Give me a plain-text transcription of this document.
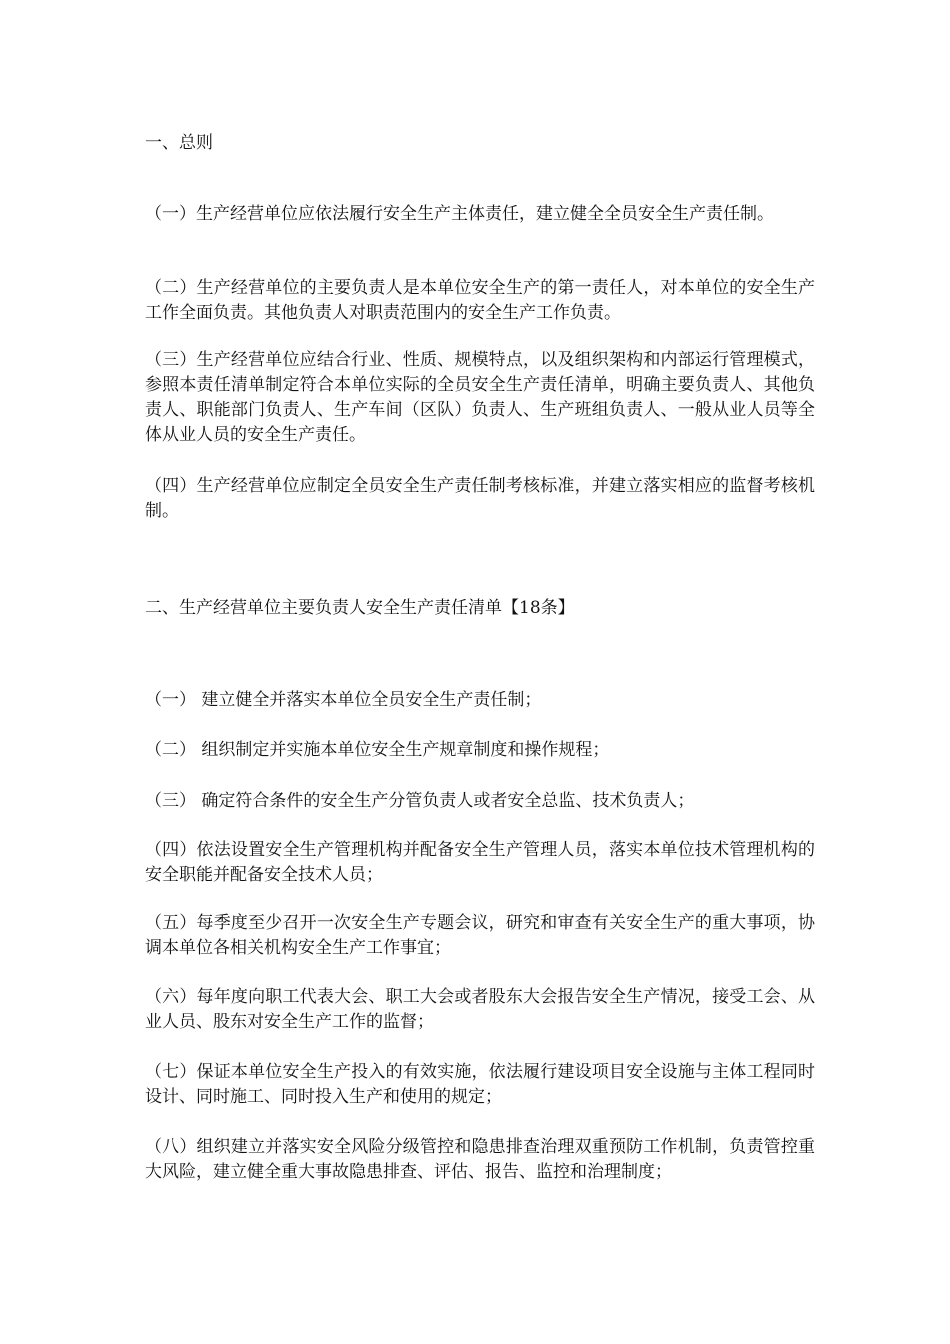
一、总则

（一）生产经营单位应依法履行安全生产主体责任，建立健全全员安全生产责任制。

（二）生产经营单位的主要负责人是本单位安全生产的第一责任人，对本单位的安全生产工作全面负责。其他负责人对职责范围内的安全生产工作负责。

（三）生产经营单位应结合行业、性质、规模特点，以及组织架构和内部运行管理模式，参照本责任清单制定符合本单位实际的全员安全生产责任清单，明确主要负责人、其他负责人、职能部门负责人、生产车间（区队）负责人、生产班组负责人、一般从业人员等全体从业人员的安全生产责任。

（四）生产经营单位应制定全员安全生产责任制考核标准，并建立落实相应的监督考核机制。

二、生产经营单位主要负责人安全生产责任清单【18条】

（一） 建立健全并落实本单位全员安全生产责任制；

（二） 组织制定并实施本单位安全生产规章制度和操作规程；

（三） 确定符合条件的安全生产分管负责人或者安全总监、技术负责人；

（四）依法设置安全生产管理机构并配备安全生产管理人员，落实本单位技术管理机构的安全职能并配备安全技术人员；

（五）每季度至少召开一次安全生产专题会议，研究和审查有关安全生产的重大事项，协调本单位各相关机构安全生产工作事宜；

（六）每年度向职工代表大会、职工大会或者股东大会报告安全生产情况，接受工会、从业人员、股东对安全生产工作的监督；

（七）保证本单位安全生产投入的有效实施，依法履行建设项目安全设施与主体工程同时设计、同时施工、同时投入生产和使用的规定；

（八）组织建立并落实安全风险分级管控和隐患排查治理双重预防工作机制，负责管控重大风险，建立健全重大事故隐患排查、评估、报告、监控和治理制度；
